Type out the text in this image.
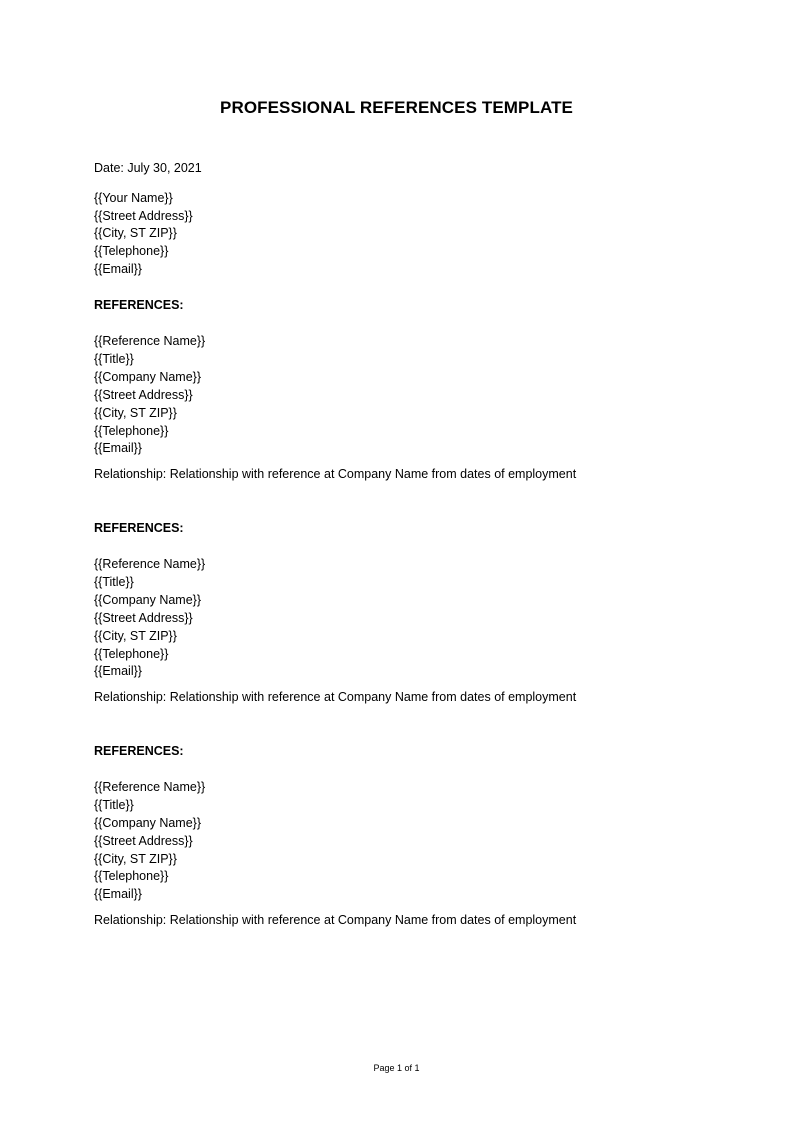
PROFESSIONAL REFERENCES TEMPLATE
Date: July 30, 2021
{{Your Name}}
{{Street Address}}
{{City, ST ZIP}}
{{Telephone}}
{{Email}}
REFERENCES:
{{Reference Name}}
{{Title}}
{{Company Name}}
{{Street Address}}
{{City, ST ZIP}}
{{Telephone}}
{{Email}}
Relationship: Relationship with reference at Company Name from dates of employment
REFERENCES:
{{Reference Name}}
{{Title}}
{{Company Name}}
{{Street Address}}
{{City, ST ZIP}}
{{Telephone}}
{{Email}}
Relationship: Relationship with reference at Company Name from dates of employment
REFERENCES:
{{Reference Name}}
{{Title}}
{{Company Name}}
{{Street Address}}
{{City, ST ZIP}}
{{Telephone}}
{{Email}}
Relationship: Relationship with reference at Company Name from dates of employment
Page 1 of 1
